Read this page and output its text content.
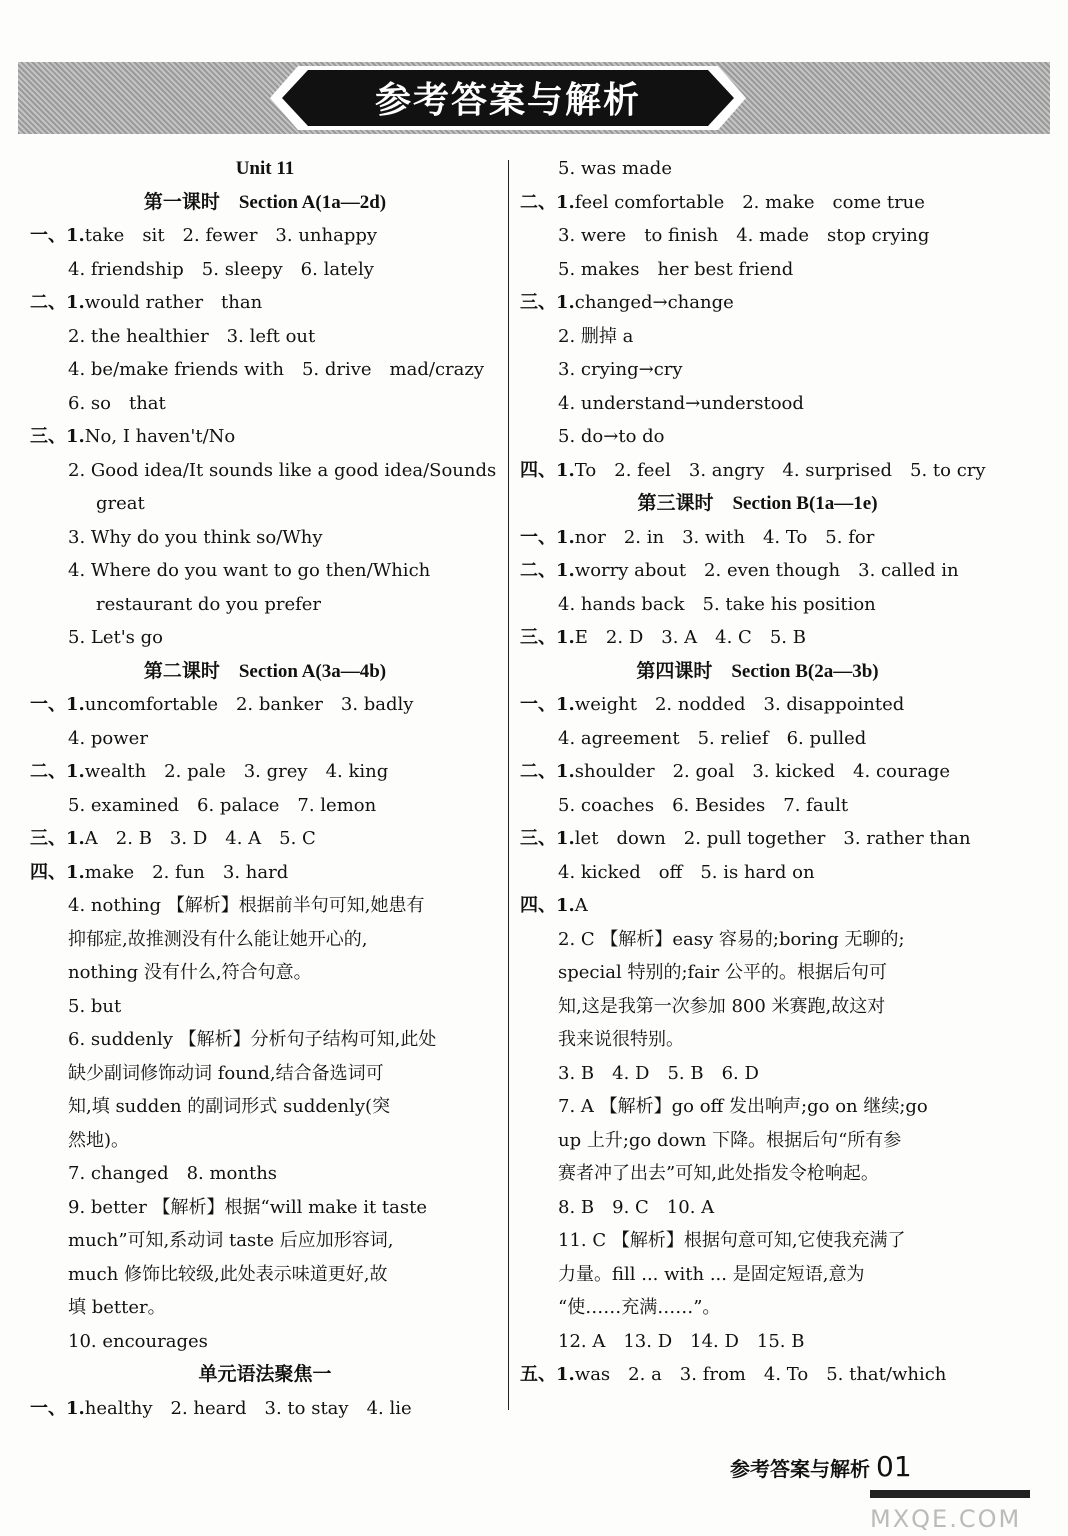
参考答案与解析
Unit 11
第一课时　Section A(1a—2d)
一、1.take　sit　2. fewer　3. unhappy
4. friendship　5. sleepy　6. lately
二、1.would rather　than
2. the healthier　3. left out
4. be/make friends with　5. drive　mad/crazy
6. so　that
三、1.No, I haven't/No
2. Good idea/It sounds like a good idea/Sounds
great
3. Why do you think so/Why
4. Where do you want to go then/Which
restaurant do you prefer
5. Let's go
第二课时　Section A(3a—4b)
一、1.uncomfortable　2. banker　3. badly
4. power
二、1.wealth　2. pale　3. grey　4. king
5. examined　6. palace　7. lemon
三、1.A　2. B　3. D　4. A　5. C
四、1.make　2. fun　3. hard
4. nothing 【解析】根据前半句可知,她患有
抑郁症,故推测没有什么能让她开心的,
nothing 没有什么,符合句意。
5. but
6. suddenly 【解析】分析句子结构可知,此处
缺少副词修饰动词 found,结合备选词可
知,填 sudden 的副词形式 suddenly(突
然地)。
7. changed　8. months
9. better 【解析】根据“will make it taste
much”可知,系动词 taste 后应加形容词,
much 修饰比较级,此处表示味道更好,故
填 better。
10. encourages
单元语法聚焦一
一、1.healthy　2. heard　3. to stay　4. lie
5. was made
二、1.feel comfortable　2. make　come true
3. were　to finish　4. made　stop crying
5. makes　her best friend
三、1.changed→change
2. 删掉 a
3. crying→cry
4. understand→understood
5. do→to do
四、1.To　2. feel　3. angry　4. surprised　5. to cry
第三课时　Section B(1a—1e)
一、1.nor　2. in　3. with　4. To　5. for
二、1.worry about　2. even though　3. called in
4. hands back　5. take his position
三、1.E　2. D　3. A　4. C　5. B
第四课时　Section B(2a—3b)
一、1.weight　2. nodded　3. disappointed
4. agreement　5. relief　6. pulled
二、1.shoulder　2. goal　3. kicked　4. courage
5. coaches　6. Besides　7. fault
三、1.let　down　2. pull together　3. rather than
4. kicked　off　5. is hard on
四、1.A
2. C 【解析】easy 容易的;boring 无聊的;
special 特别的;fair 公平的。根据后句可
知,这是我第一次参加 800 米赛跑,故这对
我来说很特别。
3. B　4. D　5. B　6. D
7. A 【解析】go off 发出响声;go on 继续;go
up 上升;go down 下降。根据后句“所有参
赛者冲了出去”可知,此处指发令枪响起。
8. B　9. C　10. A
11. C 【解析】根据句意可知,它使我充满了
力量。fill ... with ... 是固定短语,意为
“使……充满……”。
12. A　13. D　14. D　15. B
五、1.was　2. a　3. from　4. To　5. that/which
参考答案与解析 01
MXQE.COM
